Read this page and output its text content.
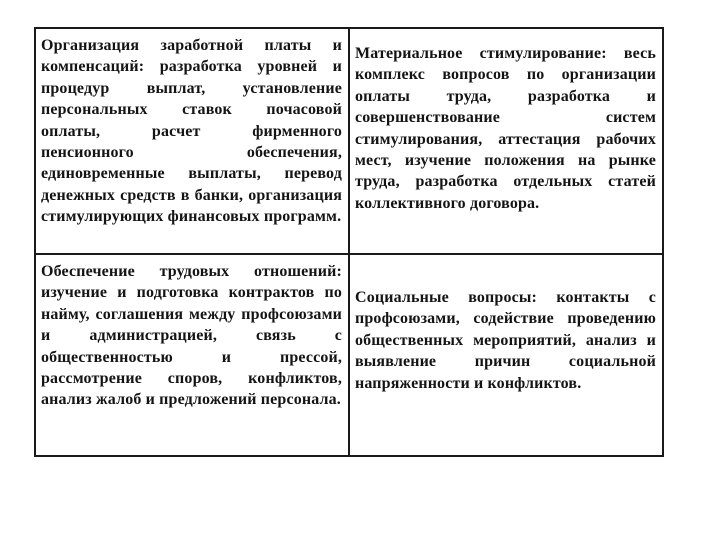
Организация заработной платы и компенсаций: разработка уровней и процедур выплат, установление персональных ставок почасовой оплаты, расчет фирменного пенсионного обеспечения, единовременные выплаты, перевод денежных средств в банки, организация стимулирующих финансовых программ.
Материальное стимулирование: весь комплекс вопросов по организации оплаты труда, разработка и совершенствование систем стимулирования, аттестация рабочих мест, изучение положения на рынке труда, разработка отдельных статей коллективного договора.
Обеспечение трудовых отношений: изучение и подготовка контрактов по найму, соглашения между профсоюзами и администрацией, связь с общественностью и прессой, рассмотрение споров, конфликтов, анализ жалоб и предложений персонала.
Социальные вопросы: контакты с профсоюзами, содействие проведению общественных мероприятий, анализ и выявление причин социальной напряженности и конфликтов.
